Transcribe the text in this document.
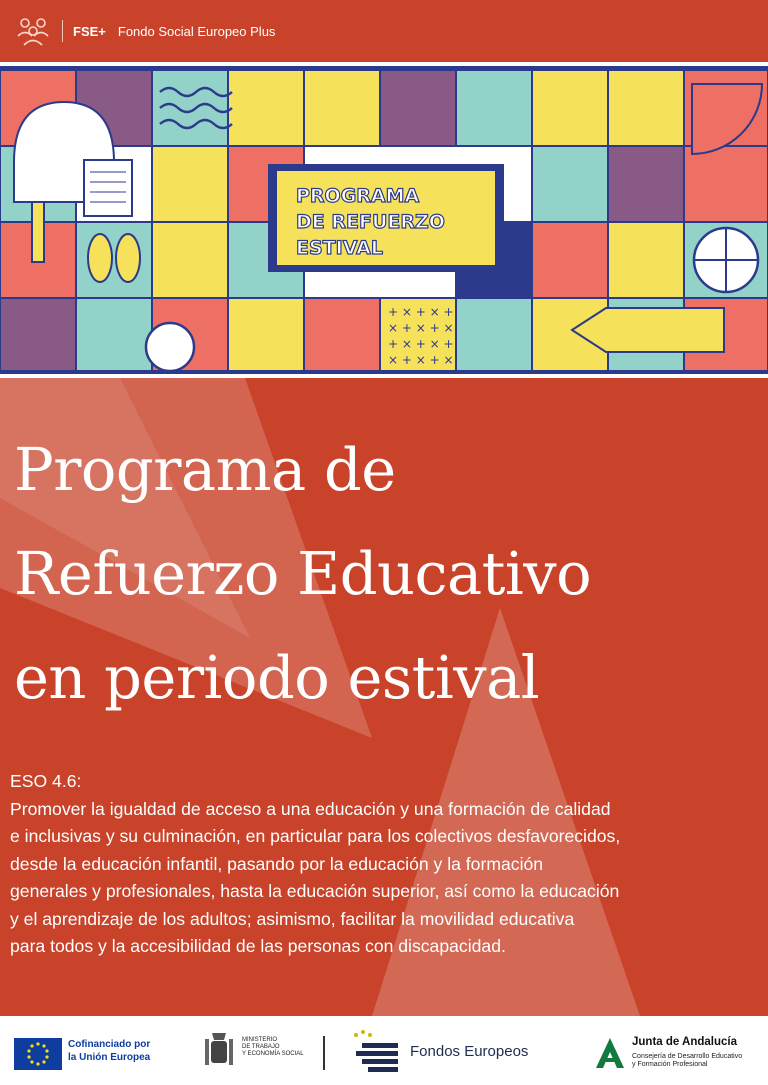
FSE+ Fondo Social Europeo Plus
PROGRAMA
DE REFUERZO
ESTIVAL
+ × + × +
× + × + ×
+ × + × +
× + × + ×
Programa de
Refuerzo Educativo
en periodo estival
ESO 4.6:
Promover la igualdad de acceso a una educación y una formación de calidad
e inclusivas y su culminación, en particular para los colectivos desfavorecidos,
desde la educación infantil, pasando por la educación y la formación
generales y profesionales, hasta la educación superior, así como la educación
y el aprendizaje de los adultos; asimismo, facilitar la movilidad educativa
para todos y la accesibilidad de las personas con discapacidad.
Cofinanciado por
la Unión Europea
MINISTERIO
DE TRABAJO
Y ECONOMÍA SOCIAL	Fondos Europeos
Junta de Andalucía
Consejería de Desarrollo Educativo
y Formación Profesional
